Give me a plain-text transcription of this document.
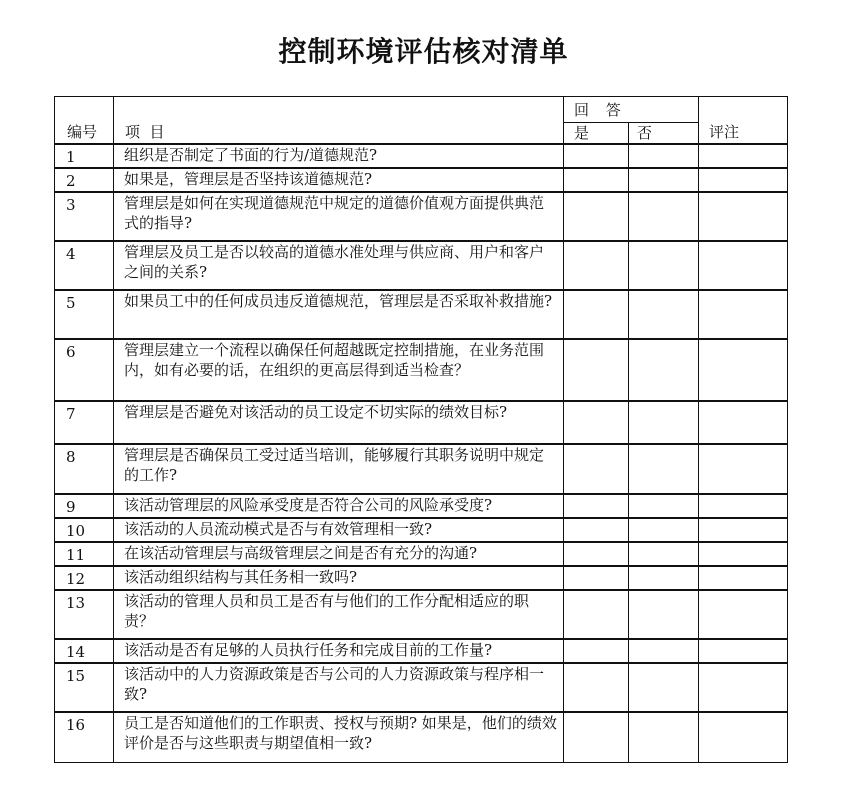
控制环境评估核对清单
编号	项  目	回 答		评注
		是	否	
1	组织是否制定了书面的行为/道德规范?			
2	如果是，管理层是否坚持该道德规范?			
3	管理层是如何在实现道德规范中规定的道德价值观方面提供典范式的指导?			
4	管理层及员工是否以较高的道德水准处理与供应商、用户和客户之间的关系?			
5	如果员工中的任何成员违反道德规范，管理层是否采取补救措施?			
6	管理层建立一个流程以确保任何超越既定控制措施，在业务范围内，如有必要的话，在组织的更高层得到适当检查？			
7	管理层是否避免对该活动的员工设定不切实际的绩效目标?			
8	管理层是否确保员工受过适当培训，能够履行其职务说明中规定的工作?			
9	该活动管理层的风险承受度是否符合公司的风险承受度?			
10	该活动的人员流动模式是否与有效管理相一致?			
11	在该活动管理层与高级管理层之间是否有充分的沟通?			
12	该活动组织结构与其任务相一致吗?			
13	该活动的管理人员和员工是否有与他们的工作分配相适应的职责？			
14	该活动是否有足够的人员执行任务和完成目前的工作量?			
15	该活动中的人力资源政策是否与公司的人力资源政策与程序相一致?			
16	员工是否知道他们的工作职责、授权与预期? 如果是，他们的绩效评价是否与这些职责与期望值相一致?			
